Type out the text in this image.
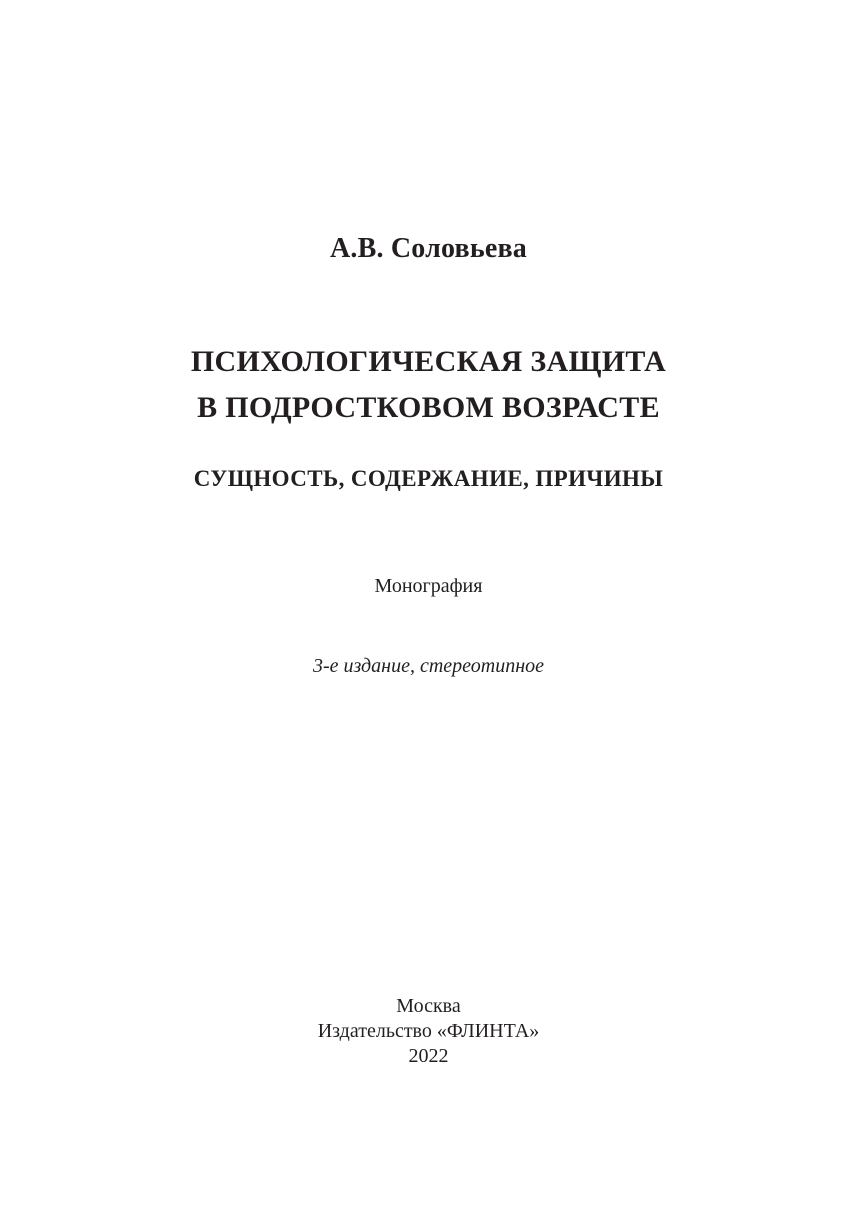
А.В. Соловьева
ПСИХОЛОГИЧЕСКАЯ ЗАЩИТА
В ПОДРОСТКОВОМ ВОЗРАСТЕ
СУЩНОСТЬ, СОДЕРЖАНИЕ, ПРИЧИНЫ
Монография
3-е издание, стереотипное
Москва
Издательство «ФЛИНТА»
2022
